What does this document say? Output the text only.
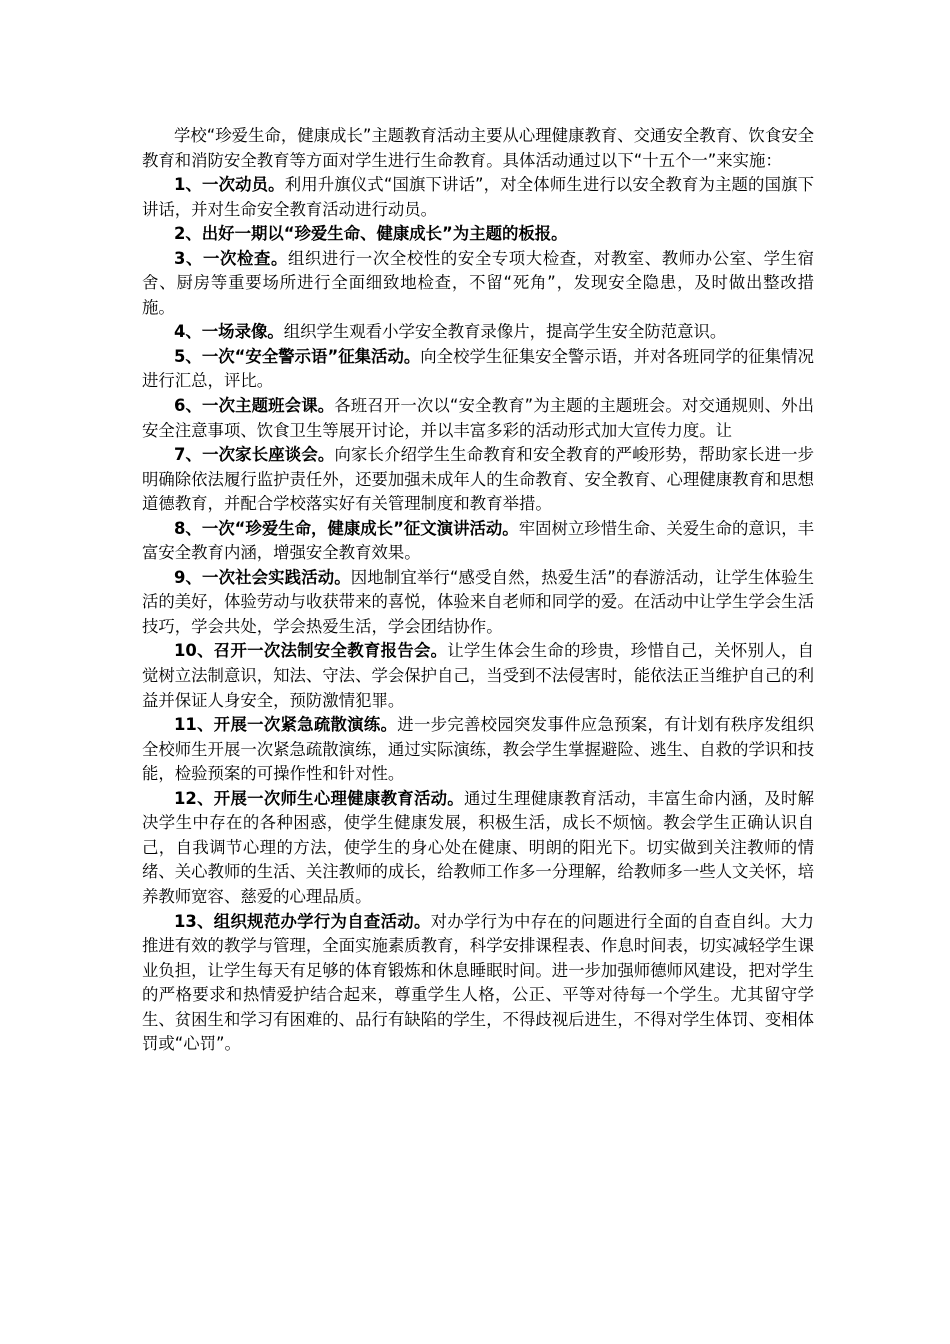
学校“珍爱生命，健康成长”主题教育活动主要从心理健康教育、交通安全教育、饮食安全教育和消防安全教育等方面对学生进行生命教育。具体活动通过以下“十五个一”来实施：

1、一次动员。利用升旗仪式“国旗下讲话”，对全体师生进行以安全教育为主题的国旗下讲话，并对生命安全教育活动进行动员。

2、出好一期以“珍爱生命、健康成长”为主题的板报。

3、一次检查。组织进行一次全校性的安全专项大检查，对教室、教师办公室、学生宿舍、厨房等重要场所进行全面细致地检查，不留“死角”，发现安全隐患，及时做出整改措施。

4、一场录像。组织学生观看小学安全教育录像片，提高学生安全防范意识。

5、一次“安全警示语”征集活动。向全校学生征集安全警示语，并对各班同学的征集情况进行汇总，评比。

6、一次主题班会课。各班召开一次以“安全教育”为主题的主题班会。对交通规则、外出安全注意事项、饮食卫生等展开讨论，并以丰富多彩的活动形式加大宣传力度。让

7、一次家长座谈会。向家长介绍学生生命教育和安全教育的严峻形势，帮助家长进一步明确除依法履行监护责任外，还要加强未成年人的生命教育、安全教育、心理健康教育和思想道德教育，并配合学校落实好有关管理制度和教育举措。

8、一次“珍爱生命，健康成长”征文演讲活动。牢固树立珍惜生命、关爱生命的意识，丰富安全教育内涵，增强安全教育效果。

9、一次社会实践活动。因地制宜举行“感受自然，热爱生活”的春游活动，让学生体验生活的美好，体验劳动与收获带来的喜悦，体验来自老师和同学的爱。在活动中让学生学会生活技巧，学会共处，学会热爱生活，学会团结协作。

10、召开一次法制安全教育报告会。让学生体会生命的珍贵，珍惜自己，关怀别人，自觉树立法制意识，知法、守法、学会保护自己，当受到不法侵害时，能依法正当维护自己的利益并保证人身安全，预防激情犯罪。

11、开展一次紧急疏散演练。进一步完善校园突发事件应急预案，有计划有秩序发组织全校师生开展一次紧急疏散演练，通过实际演练，教会学生掌握避险、逃生、自救的学识和技能，检验预案的可操作性和针对性。

12、开展一次师生心理健康教育活动。通过生理健康教育活动，丰富生命内涵，及时解决学生中存在的各种困惑，使学生健康发展，积极生活，成长不烦恼。教会学生正确认识自己，自我调节心理的方法，使学生的身心处在健康、明朗的阳光下。切实做到关注教师的情绪、关心教师的生活、关注教师的成长，给教师工作多一分理解，给教师多一些人文关怀，培养教师宽容、慈爱的心理品质。

13、组织规范办学行为自查活动。对办学行为中存在的问题进行全面的自查自纠。大力推进有效的教学与管理，全面实施素质教育，科学安排课程表、作息时间表，切实减轻学生课业负担，让学生每天有足够的体育锻炼和休息睡眠时间。进一步加强师德师风建设，把对学生的严格要求和热情爱护结合起来，尊重学生人格，公正、平等对待每一个学生。尤其留守学生、贫困生和学习有困难的、品行有缺陷的学生，不得歧视后进生，不得对学生体罚、变相体罚或“心罚”。
